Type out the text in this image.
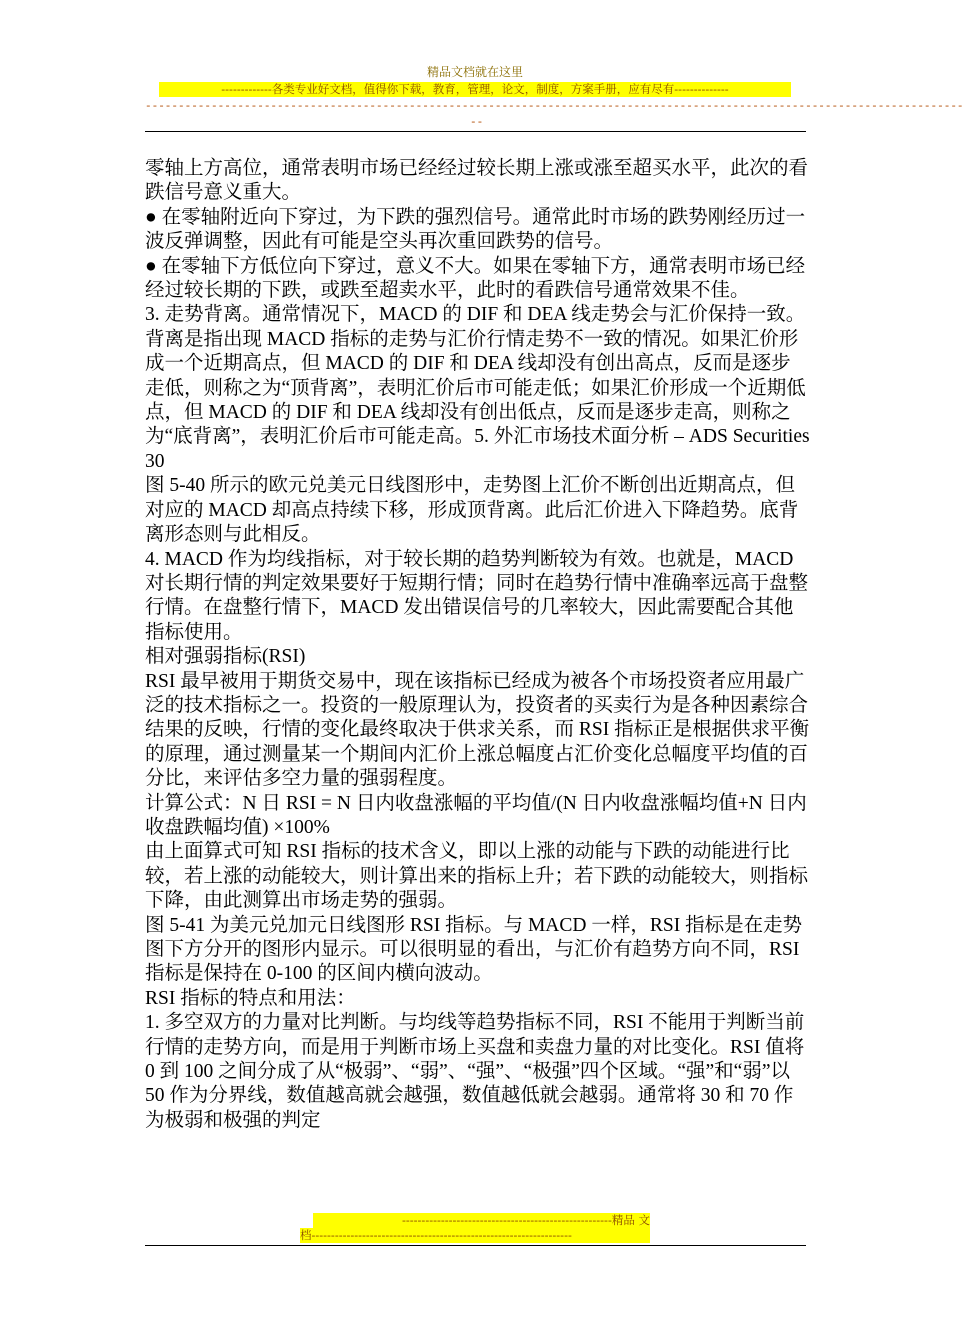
精品文档就在这里
-------------各类专业好文档，值得你下载，教育，管理，论文，制度，方案手册，应有尽有--------------
----------------------------------------------------------------------------------------------------------------------------
--

零轴上方高位，通常表明市场已经经过较长期上涨或涨至超买水平，此次的看跌信号意义重大。

● 在零轴附近向下穿过，为下跌的强烈信号。通常此时市场的跌势刚经历过一波反弹调整，因此有可能是空头再次重回跌势的信号。

● 在零轴下方低位向下穿过，意义不大。如果在零轴下方，通常表明市场已经经过较长期的下跌，或跌至超卖水平，此时的看跌信号通常效果不佳。

3. 走势背离。通常情况下，MACD 的 DIF 和 DEA 线走势会与汇价保持一致。背离是指出现 MACD 指标的走势与汇价行情走势不一致的情况。如果汇价形成一个近期高点，但 MACD 的 DIF 和 DEA 线却没有创出高点，反而是逐步走低，则称之为“顶背离”，表明汇价后市可能走低；如果汇价形成一个近期低点，但 MACD 的 DIF 和 DEA 线却没有创出低点，反而是逐步走高，则称之为“底背离”，表明汇价后市可能走高。5. 外汇市场技术面分析 – ADS Securities 30

图 5-40 所示的欧元兑美元日线图形中，走势图上汇价不断创出近期高点，但对应的 MACD 却高点持续下移，形成顶背离。此后汇价进入下降趋势。底背离形态则与此相反。

4. MACD 作为均线指标，对于较长期的趋势判断较为有效。也就是，MACD 对长期行情的判定效果要好于短期行情；同时在趋势行情中准确率远高于盘整行情。在盘整行情下，MACD 发出错误信号的几率较大，因此需要配合其他指标使用。

相对强弱指标(RSI)

RSI 最早被用于期货交易中，现在该指标已经成为被各个市场投资者应用最广泛的技术指标之一。投资的一般原理认为，投资者的买卖行为是各种因素综合结果的反映，行情的变化最终取决于供求关系，而 RSI 指标正是根据供求平衡的原理，通过测量某一个期间内汇价上涨总幅度占汇价变化总幅度平均值的百分比，来评估多空力量的强弱程度。

计算公式：N 日 RSI = N 日内收盘涨幅的平均值/(N 日内收盘涨幅均值+N 日内收盘跌幅均值) ×100%

由上面算式可知 RSI 指标的技术含义，即以上涨的动能与下跌的动能进行比较，若上涨的动能较大，则计算出来的指标上升；若下跌的动能较大，则指标下降，由此测算出市场走势的强弱。

图 5-41 为美元兑加元日线图形 RSI 指标。与 MACD 一样，RSI 指标是在走势图下方分开的图形内显示。可以很明显的看出，与汇价有趋势方向不同，RSI 指标是保持在 0-100 的区间内横向波动。

RSI 指标的特点和用法：

1. 多空双方的力量对比判断。与均线等趋势指标不同，RSI 不能用于判断当前行情的走势方向，而是用于判断市场上买盘和卖盘力量的对比变化。RSI 值将 0 到 100 之间分成了从“极弱”、“弱”、“强”、“极强”四个区域。“强”和“弱”以 50 作为分界线，数值越高就会越强，数值越低就会越弱。通常将 30 和 70 作为极弱和极强的判定

------------------------------------------------------精品 文
档-------------------------------------------------------------------
